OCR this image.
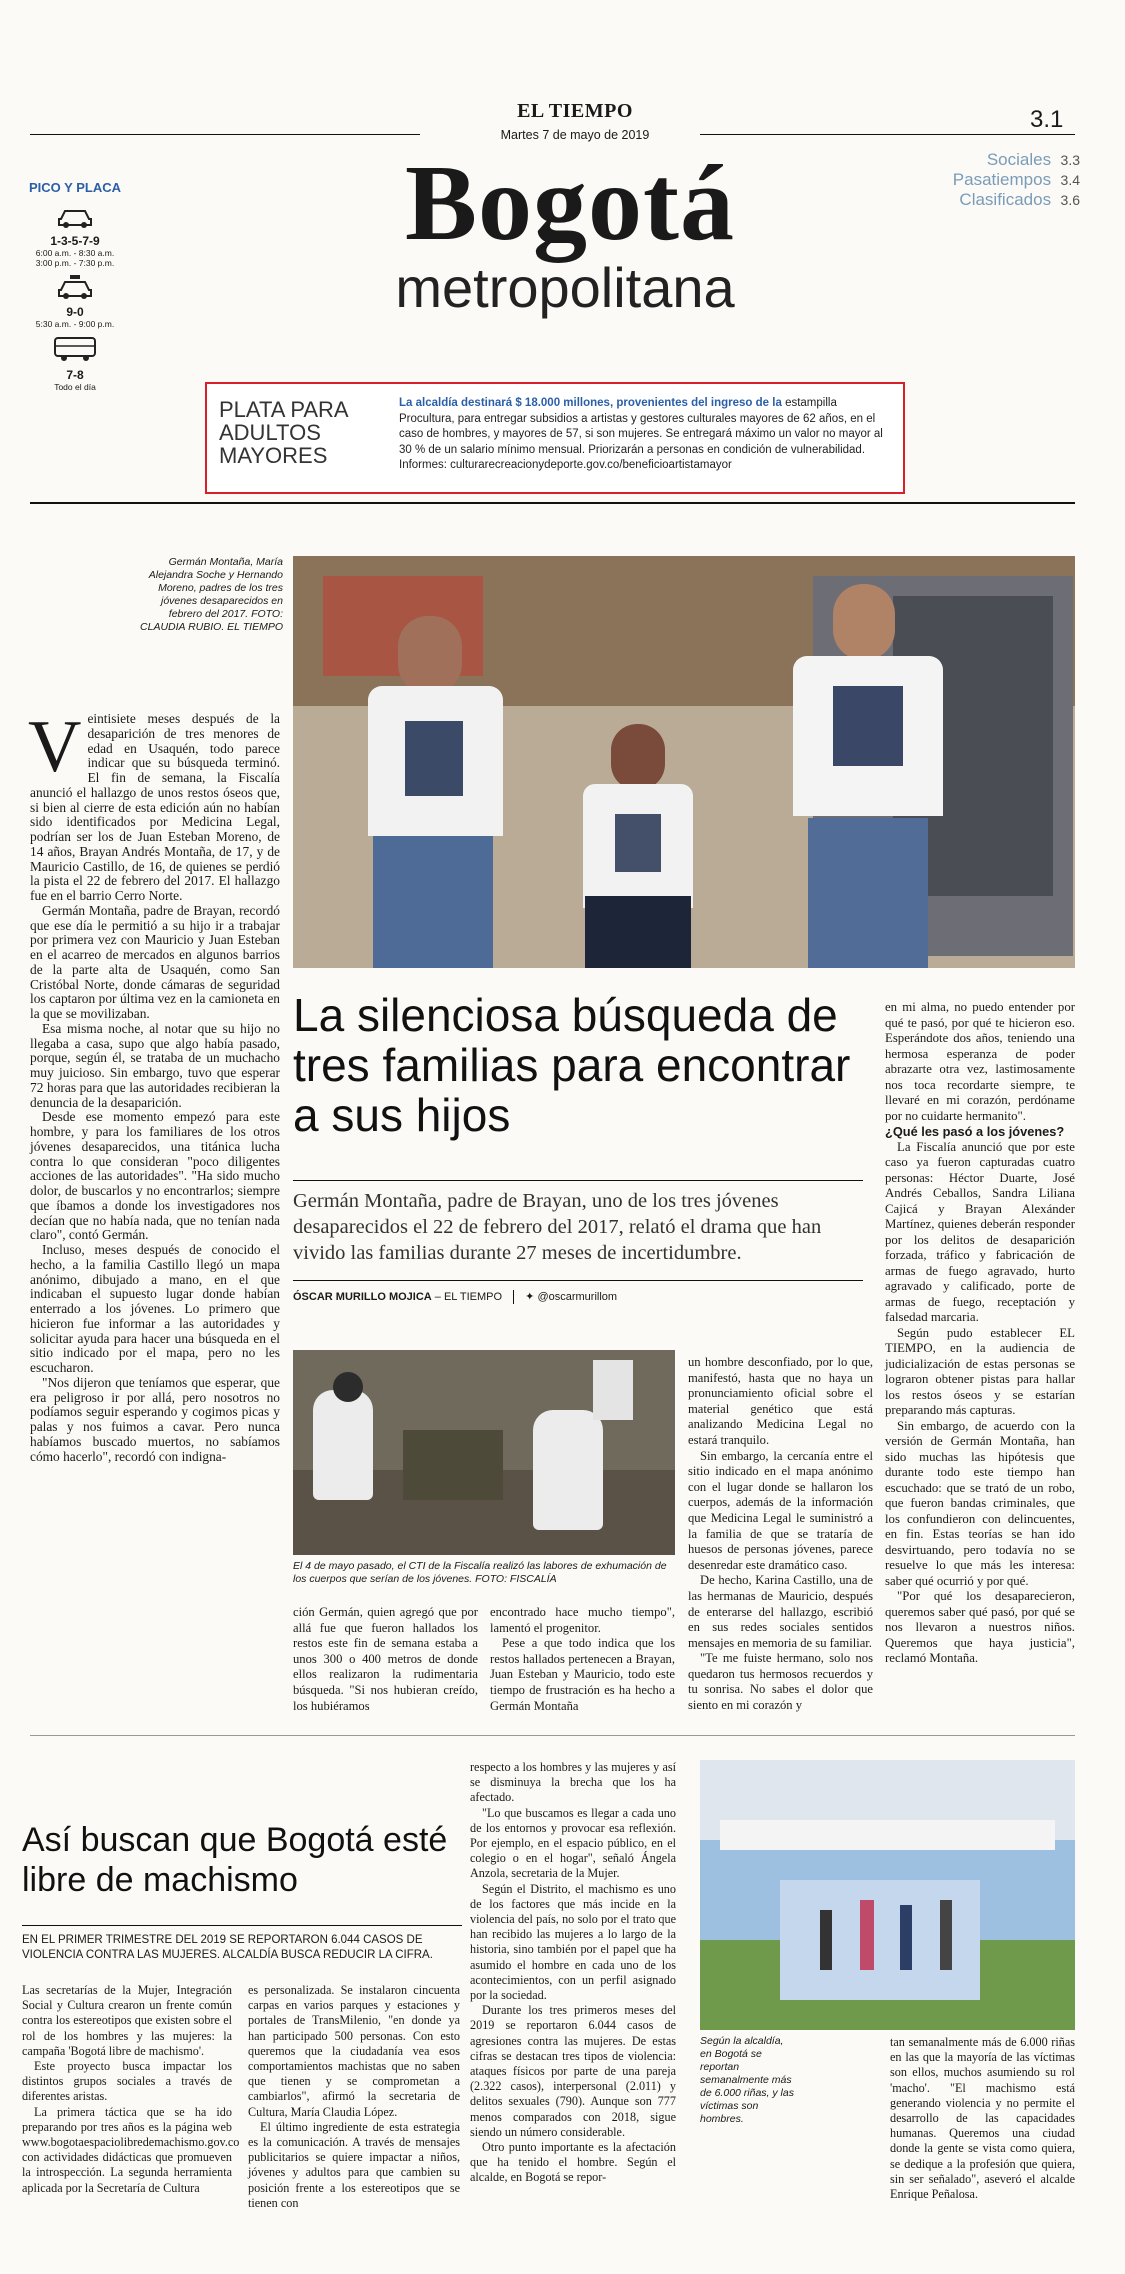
EL TIEMPO
Martes 7 de mayo de 2019
3.1
Bogotá
metropolitana
Sociales 3.3
Pasatiempos 3.4
Clasificados 3.6
PICO Y PLACA
1-3-5-7-9
6:00 a.m. - 8:30 a.m.
3:00 p.m. - 7:30 p.m.
9-0
5:30 a.m. - 9:00 p.m.
7-8
Todo el día
PLATA PARA ADULTOS MAYORES
La alcaldía destinará $ 18.000 millones, provenientes del ingreso de la estampilla Procultura, para entregar subsidios a artistas y gestores culturales mayores de 62 años, en el caso de hombres, y mayores de 57, si son mujeres. Se entregará máximo un valor no mayor al 30 % de un salario mínimo mensual. Priorizarán a personas en condición de vulnerabilidad. Informes: culturarecreacionydeporte.gov.co/beneficioartistamayor
Germán Montaña, María Alejandra Soche y Hernando Moreno, padres de los tres jóvenes desaparecidos en febrero del 2017. FOTO: CLAUDIA RUBIO. EL TIEMPO
La silenciosa búsqueda de tres familias para encontrar a sus hijos
Germán Montaña, padre de Brayan, uno de los tres jóvenes desaparecidos el 22 de febrero del 2017, relató el drama que han vivido las familias durante 27 meses de incertidumbre.
ÓSCAR MURILLO MOJICA – EL TIEMPO ✦ @oscarmurillom

Veintisiete meses después de la desaparición de tres menores de edad en Usaquén, todo parece indicar que su búsqueda terminó. El fin de semana, la Fiscalía anunció el hallazgo de unos restos óseos que, si bien al cierre de esta edición aún no habían sido identificados por Medicina Legal, podrían ser los de Juan Esteban Moreno, de 14 años, Brayan Andrés Montaña, de 17, y de Mauricio Castillo, de 16, de quienes se perdió la pista el 22 de febrero del 2017. El hallazgo fue en el barrio Cerro Norte.

Germán Montaña, padre de Brayan, recordó que ese día le permitió a su hijo ir a trabajar por primera vez con Mauricio y Juan Esteban en el acarreo de mercados en algunos barrios de la parte alta de Usaquén, como San Cristóbal Norte, donde cámaras de seguridad los captaron por última vez en la camioneta en la que se movilizaban.

Esa misma noche, al notar que su hijo no llegaba a casa, supo que algo había pasado, porque, según él, se trataba de un muchacho muy juicioso. Sin embargo, tuvo que esperar 72 horas para que las autoridades recibieran la denuncia de la desaparición.

Desde ese momento empezó para este hombre, y para los familiares de los otros jóvenes desaparecidos, una titánica lucha contra lo que consideran "poco diligentes acciones de las autoridades". "Ha sido mucho dolor, de buscarlos y no encontrarlos; siempre que íbamos a donde los investigadores nos decían que no había nada, que no tenían nada claro", contó Germán.

Incluso, meses después de conocido el hecho, a la familia Castillo llegó un mapa anónimo, dibujado a mano, en el que indicaban el supuesto lugar donde habían enterrado a los jóvenes. Lo primero que hicieron fue informar a las autoridades y solicitar ayuda para hacer una búsqueda en el sitio indicado por el mapa, pero no les escucharon.

"Nos dijeron que teníamos que esperar, que era peligroso ir por allá, pero nosotros no podíamos seguir esperando y cogimos picas y palas y nos fuimos a cavar. Pero nunca habíamos buscado muertos, no sabíamos cómo hacerlo", recordó con indigna-

El 4 de mayo pasado, el CTI de la Fiscalía realizó las labores de exhumación de los cuerpos que serían de los jóvenes. FOTO: FISCALÍA

ción Germán, quien agregó que por allá fue que fueron hallados los restos este fin de semana estaba a unos 300 o 400 metros de donde ellos realizaron la rudimentaria búsqueda. "Si nos hubieran creído, los hubiéramos

encontrado hace mucho tiempo", lamentó el progenitor.

Pese a que todo indica que los restos hallados pertenecen a Brayan, Juan Esteban y Mauricio, todo este tiempo de frustración es ha hecho a Germán Montaña

un hombre desconfiado, por lo que, manifestó, hasta que no haya un pronunciamiento oficial sobre el material genético que está analizando Medicina Legal no estará tranquilo.

Sin embargo, la cercanía entre el sitio indicado en el mapa anónimo con el lugar donde se hallaron los cuerpos, además de la información que Medicina Legal le suministró a la familia de que se trataría de huesos de personas jóvenes, parece desenredar este dramático caso.

De hecho, Karina Castillo, una de las hermanas de Mauricio, después de enterarse del hallazgo, escribió en sus redes sociales sentidos mensajes en memoria de su familiar.

"Te me fuiste hermano, solo nos quedaron tus hermosos recuerdos y tu sonrisa. No sabes el dolor que siento en mi corazón y

en mi alma, no puedo entender por qué te pasó, por qué te hicieron eso. Esperándote dos años, teniendo una hermosa esperanza de poder abrazarte otra vez, lastimosamente nos toca recordarte siempre, te llevaré en mi corazón, perdóname por no cuidarte hermanito".

¿Qué les pasó a los jóvenes?

La Fiscalía anunció que por este caso ya fueron capturadas cuatro personas: Héctor Duarte, José Andrés Ceballos, Sandra Liliana Cajicá y Brayan Alexánder Martínez, quienes deberán responder por los delitos de desaparición forzada, tráfico y fabricación de armas de fuego agravado, hurto agravado y calificado, porte de armas de fuego, receptación y falsedad marcaria.

Según pudo establecer EL TIEMPO, en la audiencia de judicialización de estas personas se lograron obtener pistas para hallar los restos óseos y se estarían preparando más capturas.

Sin embargo, de acuerdo con la versión de Germán Montaña, han sido muchas las hipótesis que durante todo este tiempo han escuchado: que se trató de un robo, que fueron bandas criminales, que los confundieron con delincuentes, en fin. Estas teorías se han ido desvirtuando, pero todavía no se resuelve lo que más les interesa: saber qué ocurrió y por qué.

"Por qué los desaparecieron, queremos saber qué pasó, por qué se nos llevaron a nuestros niños. Queremos que haya justicia", reclamó Montaña.

Así buscan que Bogotá esté libre de machismo
EN EL PRIMER TRIMESTRE DEL 2019 SE REPORTARON 6.044 CASOS DE VIOLENCIA CONTRA LAS MUJERES. ALCALDÍA BUSCA REDUCIR LA CIFRA.

Las secretarías de la Mujer, Integración Social y Cultura crearon un frente común contra los estereotipos que existen sobre el rol de los hombres y las mujeres: la campaña 'Bogotá libre de machismo'.

Este proyecto busca impactar los distintos grupos sociales a través de diferentes aristas.

La primera táctica que se ha ido preparando por tres años es la página web www.bogotaespaciolibredemachismo.gov.co con actividades didácticas que promueven la introspección. La segunda herramienta aplicada por la Secretaría de Cultura

es personalizada. Se instalaron cincuenta carpas en varios parques y estaciones y portales de TransMilenio, "en donde ya han participado 500 personas. Con esto queremos que la ciudadanía vea esos comportamientos machistas que no saben que tienen y se comprometan a cambiarlos", afirmó la secretaria de Cultura, María Claudia López.

El último ingrediente de esta estrategia es la comunicación. A través de mensajes publicitarios se quiere impactar a niños, jóvenes y adultos para que cambien su posición frente a los estereotipos que se tienen con

respecto a los hombres y las mujeres y así se disminuya la brecha que los ha afectado.

"Lo que buscamos es llegar a cada uno de los entornos y provocar esa reflexión. Por ejemplo, en el espacio público, en el colegio o en el hogar", señaló Ángela Anzola, secretaria de la Mujer.

Según el Distrito, el machismo es uno de los factores que más incide en la violencia del país, no solo por el trato que han recibido las mujeres a lo largo de la historia, sino también por el papel que ha asumido el hombre en cada uno de los acontecimientos, con un perfil asignado por la sociedad.

Durante los tres primeros meses del 2019 se reportaron 6.044 casos de agresiones contra las mujeres. De estas cifras se destacan tres tipos de violencia: ataques físicos por parte de una pareja (2.322 casos), interpersonal (2.011) y delitos sexuales (790). Aunque son 777 menos comparados con 2018, sigue siendo un número considerable.

Otro punto importante es la afectación que ha tenido el hombre. Según el alcalde, en Bogotá se repor-

Según la alcaldía, en Bogotá se reportan semanalmente más de 6.000 riñas, y las víctimas son hombres.

tan semanalmente más de 6.000 riñas en las que la mayoría de las víctimas son ellos, muchos asumiendo su rol 'macho'. "El machismo está generando violencia y no permite el desarrollo de las capacidades humanas. Queremos una ciudad donde la gente se vista como quiera, se dedique a la profesión que quiera, sin ser señalado", aseveró el alcalde Enrique Peñalosa.
